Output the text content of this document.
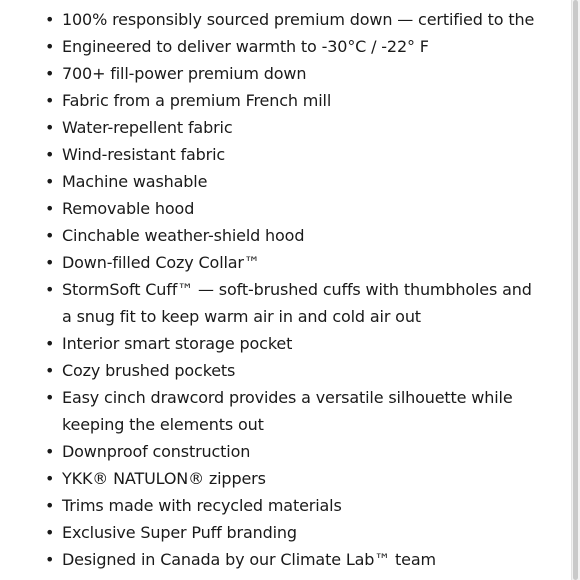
• 100% responsibly sourced premium down — certified to the
• Engineered to deliver warmth to -30°C / -22° F
• 700+ fill-power premium down
• Fabric from a premium French mill
• Water-repellent fabric
• Wind-resistant fabric
• Machine washable
• Removable hood
• Cinchable weather-shield hood
• Down-filled Cozy Collar™
• StormSoft Cuff™ — soft-brushed cuffs with thumbholes and a snug fit to keep warm air in and cold air out
• Interior smart storage pocket
• Cozy brushed pockets
• Easy cinch drawcord provides a versatile silhouette while keeping the elements out
• Downproof construction
• YKK® NATULON® zippers
• Trims made with recycled materials
• Exclusive Super Puff branding
• Designed in Canada by our Climate Lab™ team
